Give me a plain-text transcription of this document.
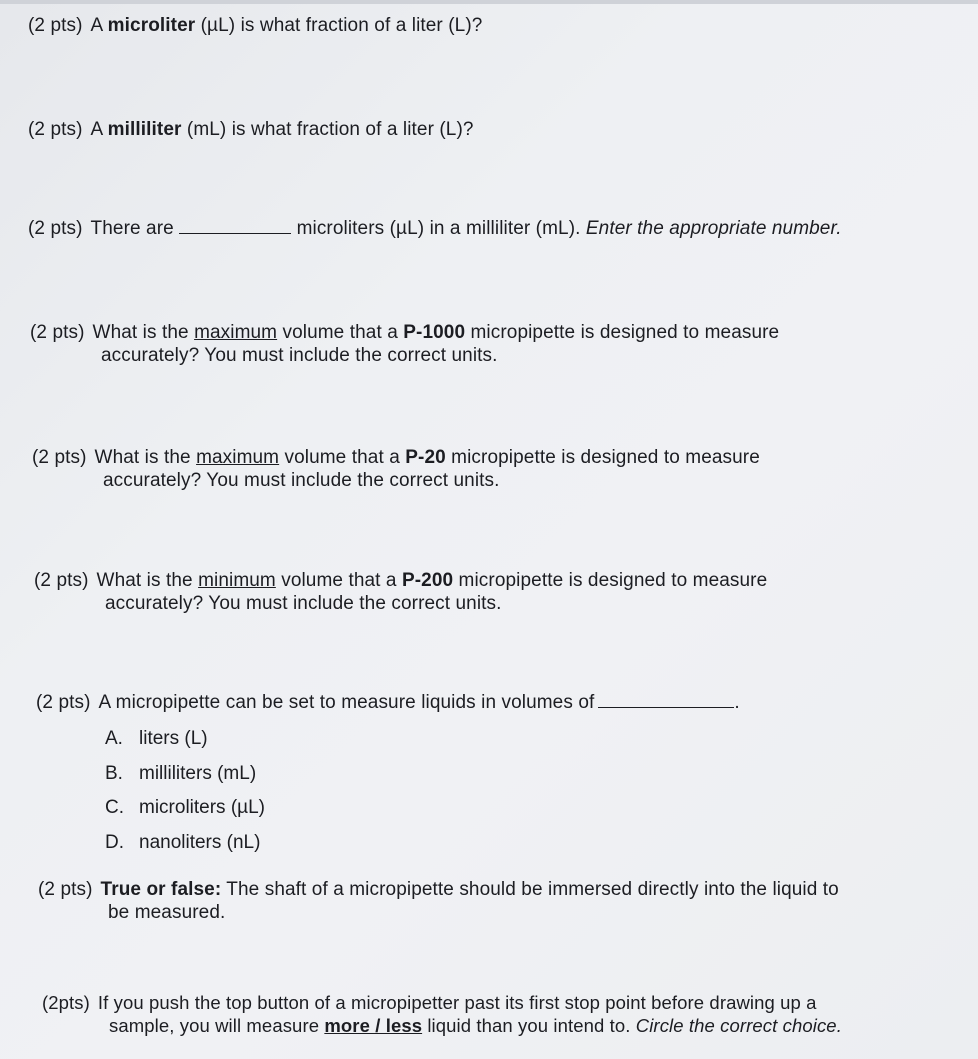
(2 pts) A microliter (µL) is what fraction of a liter (L)?
(2 pts) A milliliter (mL) is what fraction of a liter (L)?
(2 pts) There are	microliters (µL) in a milliliter (mL). Enter the appropriate number.
(2 pts) What is the maximum volume that a P-1000 micropipette is designed to measure
accurately? You must include the correct units.
(2 pts) What is the maximum volume that a P-20 micropipette is designed to measure
accurately? You must include the correct units.
(2 pts) What is the minimum volume that a P-200 micropipette is designed to measure
accurately? You must include the correct units.
(2 pts) A micropipette can be set to measure liquids in volumes of	.
A. liters (L)
B. milliliters (mL)
C. microliters (µL)
D. nanoliters (nL)
(2 pts) True or false: The shaft of a micropipette should be immersed directly into the liquid to
be measured.
(2pts) If you push the top button of a micropipetter past its first stop point before drawing up a
sample, you will measure more / less liquid than you intend to. Circle the correct choice.
